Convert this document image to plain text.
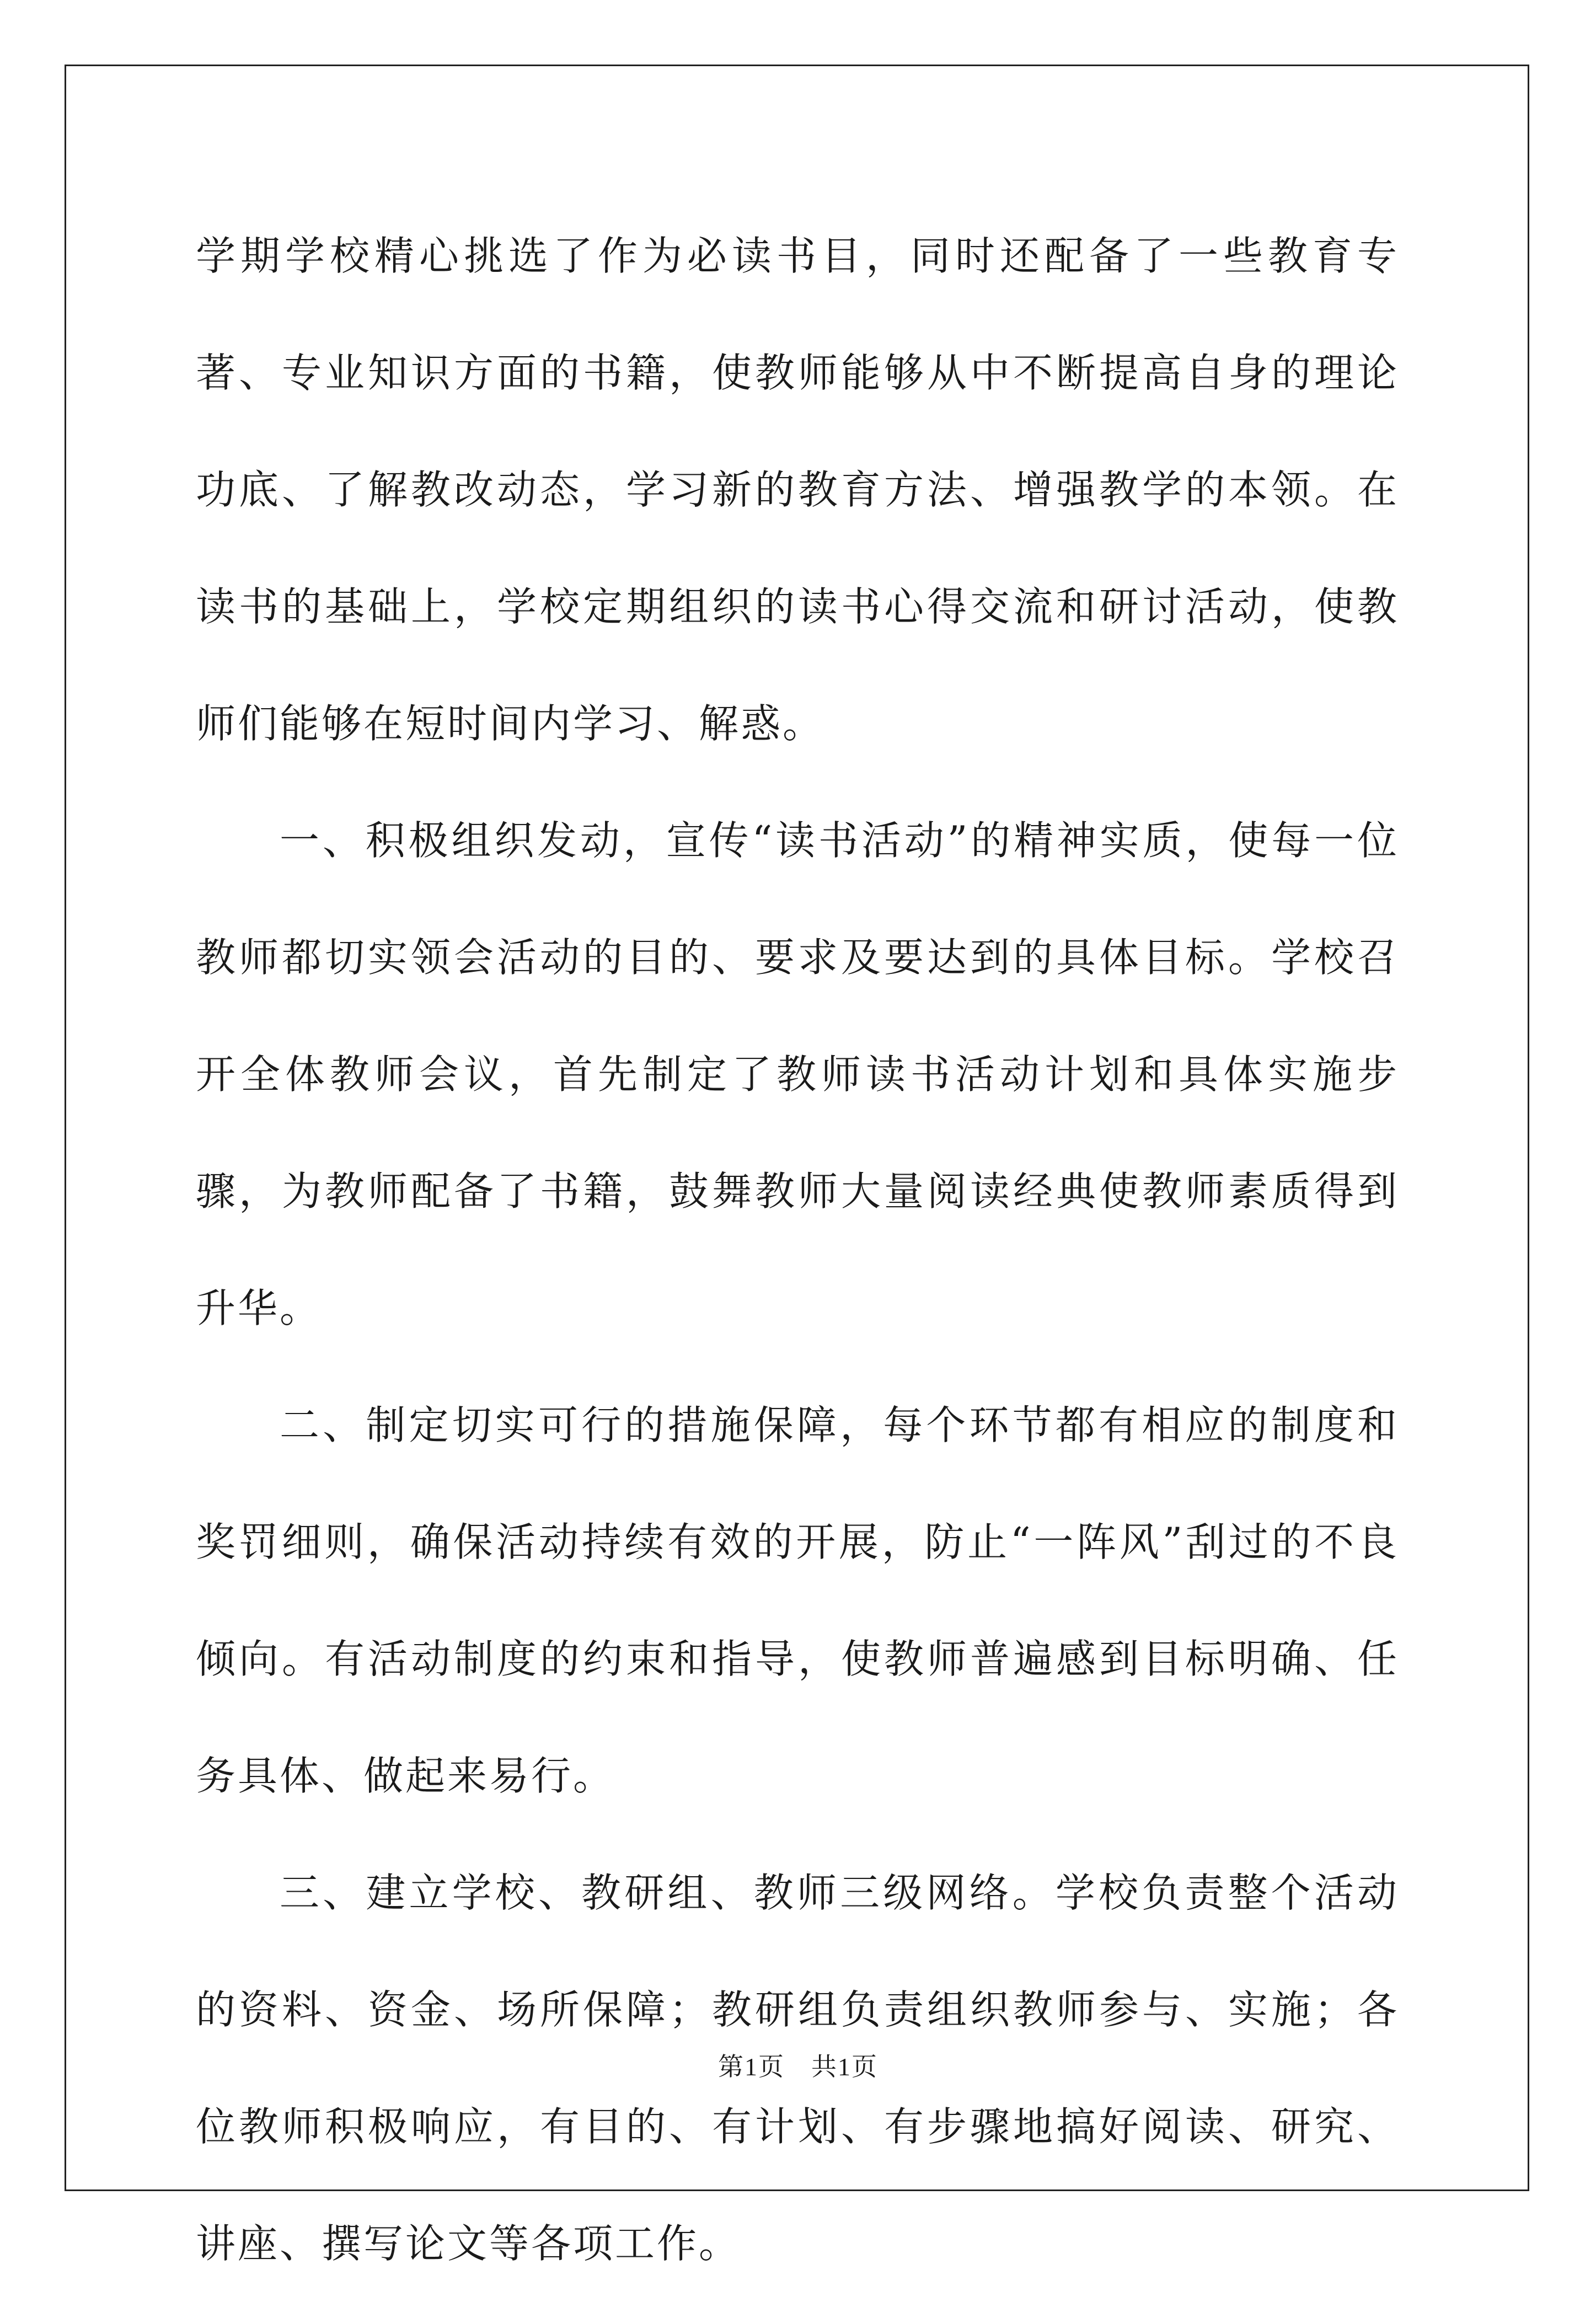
学期学校精心挑选了作为必读书目，同时还配备了一些教育专著、专业知识方面的书籍，使教师能够从中不断提高自身的理论功底、了解教改动态，学习新的教育方法、增强教学的本领。在读书的基础上，学校定期组织的读书心得交流和研讨活动，使教师们能够在短时间内学习、解惑。

一、积极组织发动，宣传“读书活动”的精神实质，使每一位教师都切实领会活动的目的、要求及要达到的具体目标。学校召开全体教师会议，首先制定了教师读书活动计划和具体实施步骤，为教师配备了书籍，鼓舞教师大量阅读经典使教师素质得到升华。

二、制定切实可行的措施保障，每个环节都有相应的制度和奖罚细则，确保活动持续有效的开展，防止“一阵风”刮过的不良倾向。有活动制度的约束和指导，使教师普遍感到目标明确、任务具体、做起来易行。

三、建立学校、教研组、教师三级网络。学校负责整个活动的资料、资金、场所保障；教研组负责组织教师参与、实施；各位教师积极响应，有目的、有计划、有步骤地搞好阅读、研究、讲座、撰写论文等各项工作。

第1页　共1页
